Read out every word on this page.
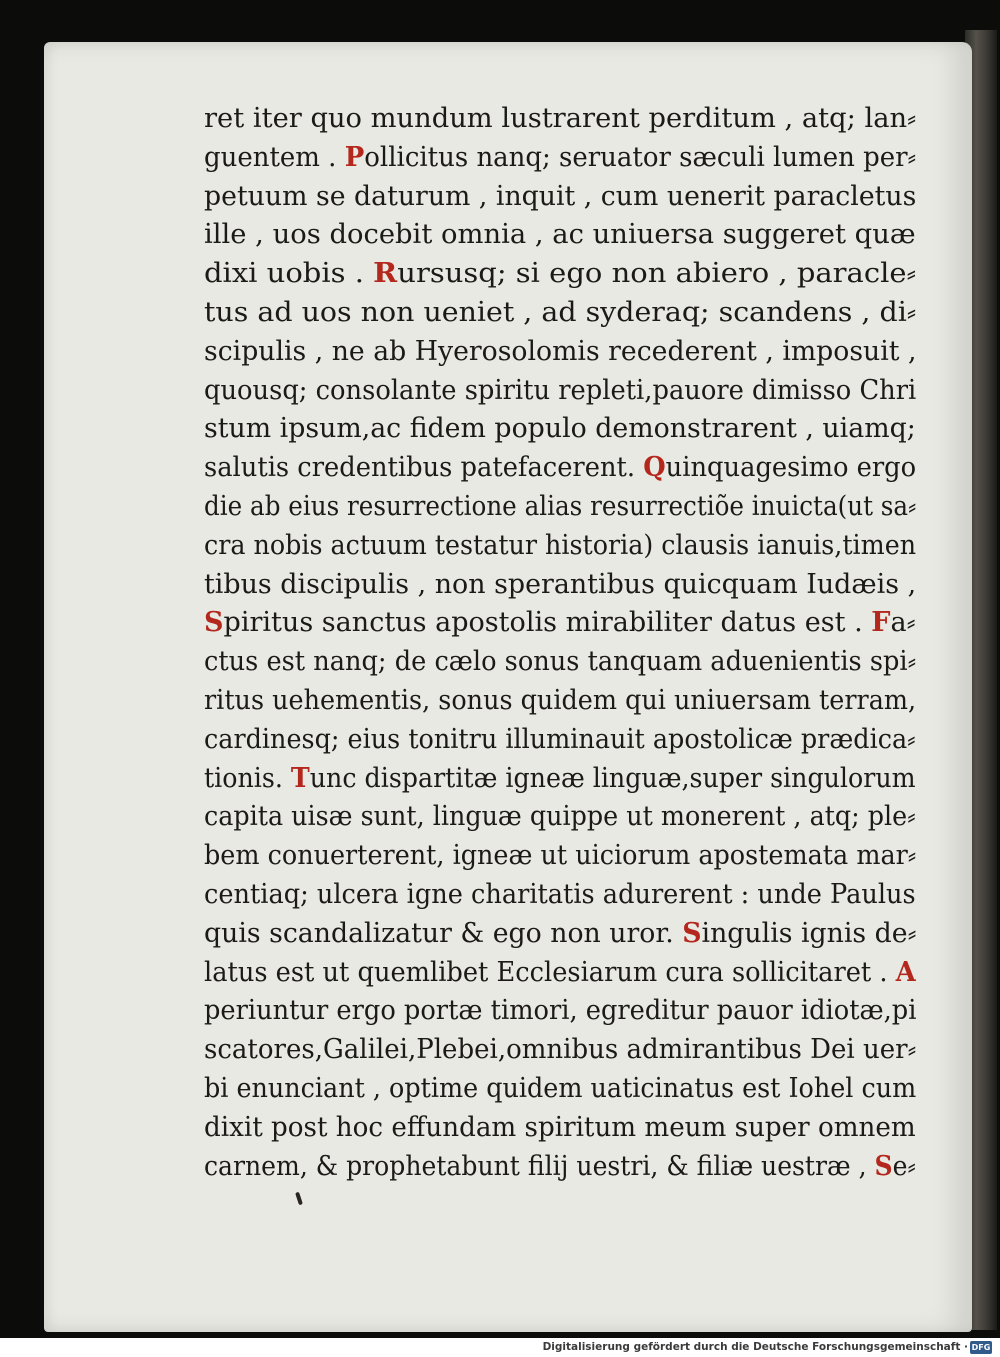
ret iter quo mundum lustrarent perditum , atq; lan⸗

guentem . Pollicitus nanq; seruator sæculi lumen per⸗

petuum se daturum , inquit , cum uenerit paracletus

ille , uos docebit omnia , ac uniuersa suggeret quæ

dixi uobis . Rursusq; si ego non abiero , paracle⸗

tus ad uos non ueniet , ad syderaq; scandens , di⸗

scipulis , ne ab Hyerosolomis recederent , imposuit ,

quousq; consolante spiritu repleti,pauore dimisso Chri

stum ipsum,ac fidem populo demonstrarent , uiamq;

salutis credentibus patefacerent. Quinquagesimo ergo

die ab eius resurrectione alias resurrectiõe inuicta(ut sa⸗

cra nobis actuum testatur historia) clausis ianuis,timen

tibus discipulis , non sperantibus quicquam Iudæis ,

Spiritus sanctus apostolis mirabiliter datus est . Fa⸗

ctus est nanq; de cælo sonus tanquam aduenientis spi⸗

ritus uehementis, sonus quidem qui uniuersam terram,

cardinesq; eius tonitru illuminauit apostolicæ prædica⸗

tionis. Tunc dispartitæ igneæ linguæ,super singulorum

capita uisæ sunt, linguæ quippe ut monerent , atq; ple⸗

bem conuerterent, igneæ ut uiciorum apostemata mar⸗

centiaq; ulcera igne charitatis adurerent : unde Paulus

quis scandalizatur & ego non uror. Singulis ignis de⸗

latus est ut quemlibet Ecclesiarum cura sollicitaret . A

periuntur ergo portæ timori, egreditur pauor idiotæ,pi

scatores,Galilei,Plebei,omnibus admirantibus Dei uer⸗

bi enunciant , optime quidem uaticinatus est Iohel cum

dixit post hoc effundam spiritum meum super omnem

carnem, & prophetabunt filij uestri, & filiæ uestræ , Se⸗

Digitalisierung gefördert durch die Deutsche Forschungsgemeinschaft · DFG
